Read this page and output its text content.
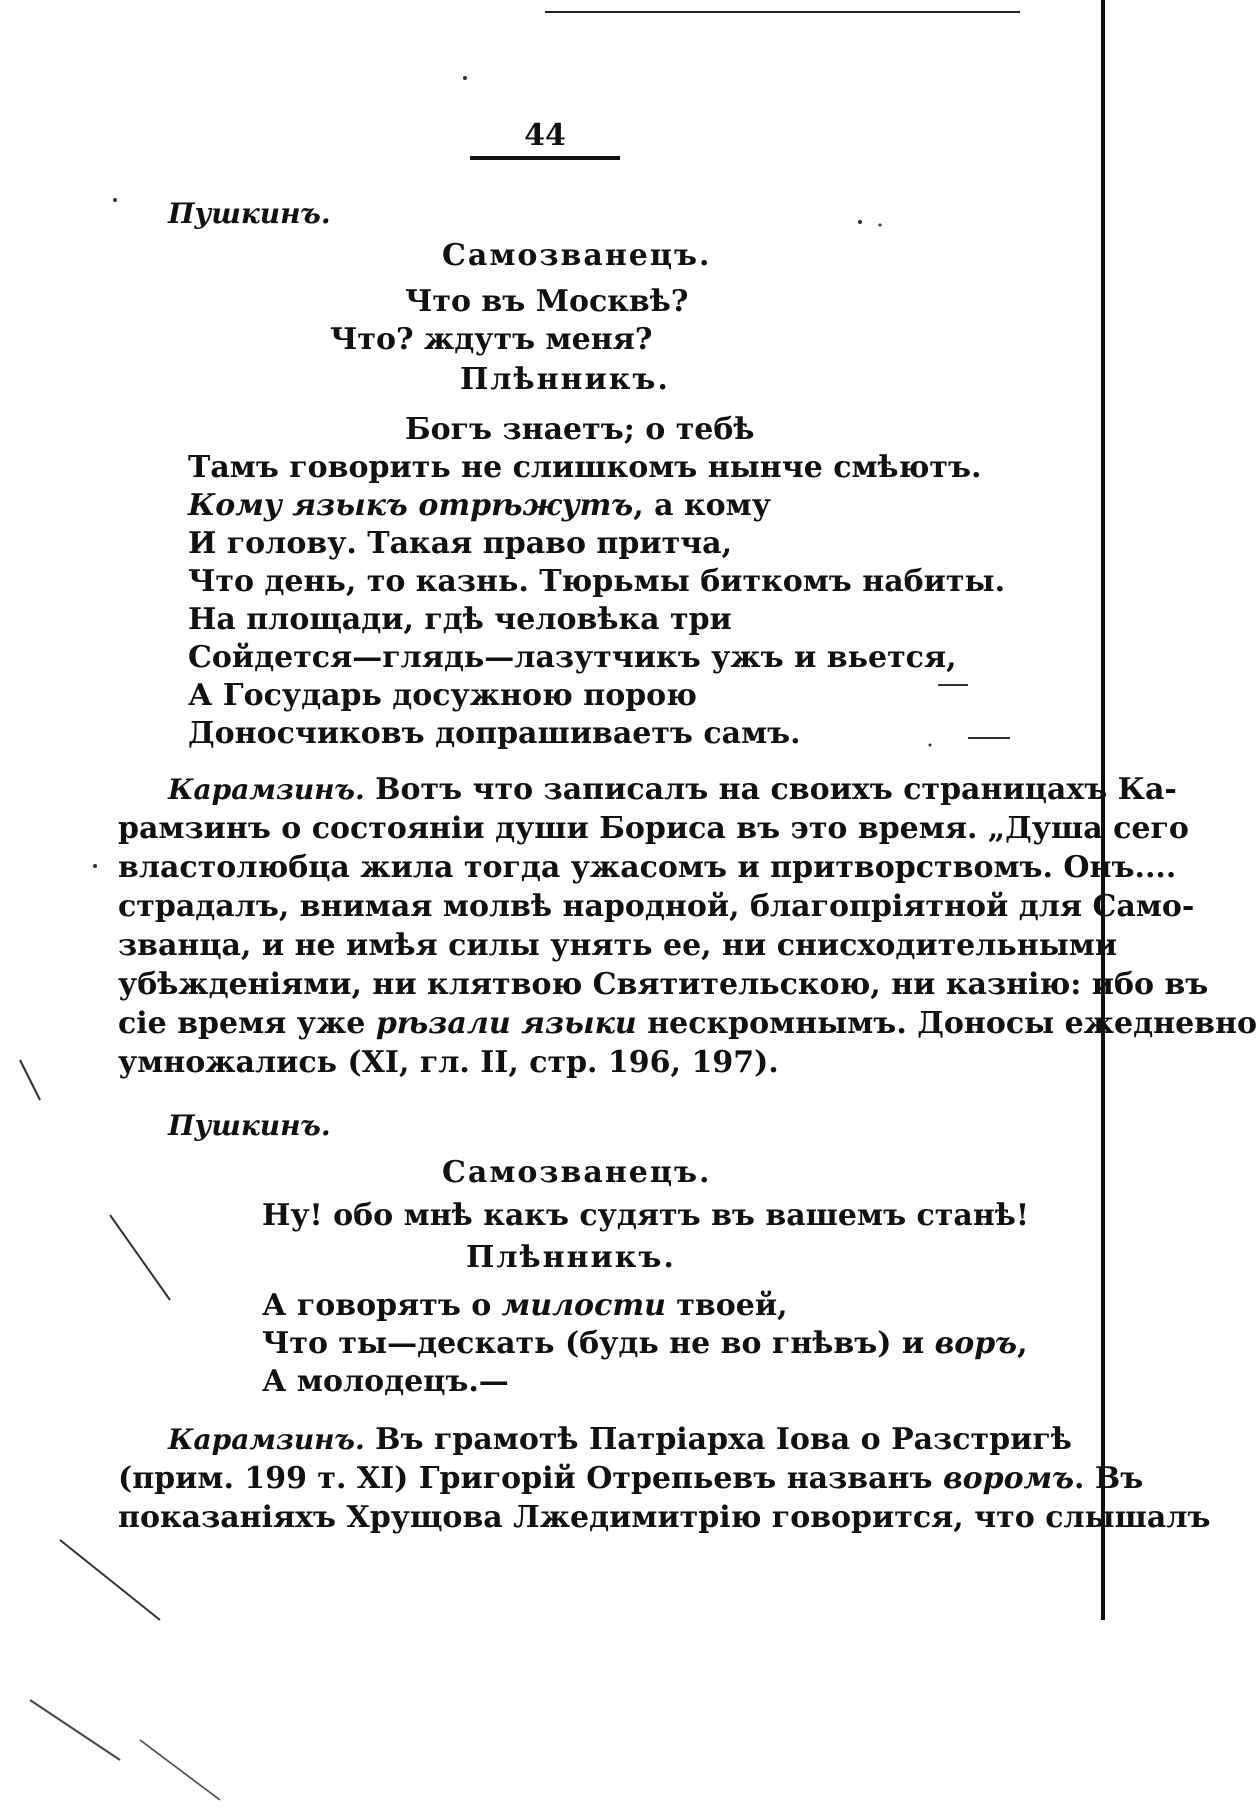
44
Пушкинъ.
Самозванецъ.
Что въ Москвѣ?
Что? ждутъ меня?
Плѣнникъ.
Богъ знаетъ; о тебѣ
Тамъ говорить не слишкомъ нынче смѣютъ.
Кому языкъ отрѣжутъ, а кому
И голову. Такая право притча,
Что день, то казнь. Тюрьмы биткомъ набиты.
На площади, гдѣ человѣка три
Сойдется—глядь—лазутчикъ ужъ и вьется,
А Государь досужною порою
Доносчиковъ допрашиваетъ самъ.
Карамзинъ. Вотъ что записалъ на своихъ страницахъ Ка-
рамзинъ о состояніи души Бориса въ это время. „Душа сего
властолюбца жила тогда ужасомъ и притворствомъ. Онъ....
страдалъ, внимая молвѣ народной, благопріятной для Само-
званца, и не имѣя силы унять ее, ни снисходительными
убѣжденіями, ни клятвою Святительскою, ни казнію: ибо въ
сіе время уже рѣзали языки нескромнымъ. Доносы ежедневно
умножались (XI, гл. II, стр. 196, 197).
Пушкинъ.
Самозванецъ.
Ну! обо мнѣ какъ судятъ въ вашемъ станѣ!
Плѣнникъ.
А говорятъ о милости твоей,
Что ты—дескать (будь не во гнѣвъ) и воръ,
А молодецъ.—
Карамзинъ. Въ грамотѣ Патріарха Іова о Разстригѣ
(прим. 199 т. XI) Григорій Отрепьевъ названъ воромъ. Въ
показаніяхъ Хрущова Лжедимитрію говорится, что слышалъ
